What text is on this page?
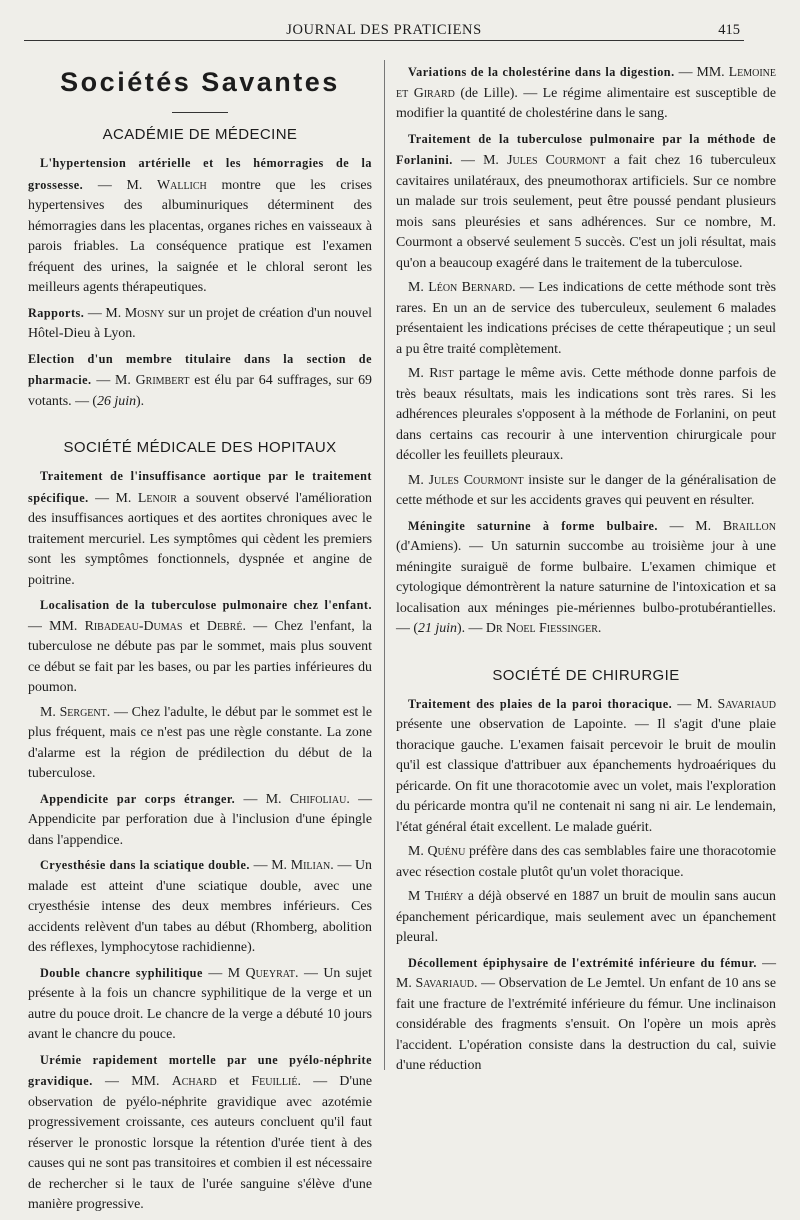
JOURNAL DES PRATICIENS	415
Sociétés Savantes
ACADÉMIE DE MÉDECINE

L'hypertension artérielle et les hémorragies de la grossesse. — M. Wallich montre que les crises hypertensives des albuminuriques déterminent des hémorragies dans les placentas, organes riches en vaisseaux à parois friables. La conséquence pratique est l'examen fréquent des urines, la saignée et le chloral seront les meilleurs agents thérapeutiques.

Rapports. — M. Mosny sur un projet de création d'un nouvel Hôtel-Dieu à Lyon.

Election d'un membre titulaire dans la section de pharmacie. — M. Grimbert est élu par 64 suffrages, sur 69 votants. — (26 juin).

SOCIÉTÉ MÉDICALE DES HOPITAUX

Traitement de l'insuffisance aortique par le traitement spécifique. — M. Lenoir a souvent observé l'amélioration des insuffisances aortiques et des aortites chroniques avec le traitement mercuriel. Les symptômes qui cèdent les premiers sont les symptômes fonctionnels, dyspnée et angine de poitrine.

Localisation de la tuberculose pulmonaire chez l'enfant. — MM. Ribadeau-Dumas et Debré. — Chez l'enfant, la tuberculose ne débute pas par le sommet, mais plus souvent ce début se fait par les bases, ou par les parties inférieures du poumon.

M. Sergent. — Chez l'adulte, le début par le sommet est le plus fréquent, mais ce n'est pas une règle constante. La zone d'alarme est la région de prédilection du début de la tuberculose.

Appendicite par corps étranger. — M. Chifoliau. — Appendicite par perforation due à l'inclusion d'une épingle dans l'appendice.

Cryesthésie dans la sciatique double. — M. Milian. — Un malade est atteint d'une sciatique double, avec une cryesthésie intense des deux membres inférieurs. Ces accidents relèvent d'un tabes au début (Rhomberg, abolition des réflexes, lymphocytose rachidienne).

Double chancre syphilitique — M Queyrat. — Un sujet présente à la fois un chancre syphilitique de la verge et un autre du pouce droit. Le chancre de la verge a débuté 10 jours avant le chancre du pouce.

Urémie rapidement mortelle par une pyélo-néphrite gravidique. — MM. Achard et Feuillié. — D'une observation de pyélo-néphrite gravidique avec azotémie progressivement croissante, ces auteurs concluent qu'il faut réserver le pronostic lorsque la rétention d'urée tient à des causes qui ne sont pas transitoires et combien il est nécessaire de rechercher si le taux de l'urée sanguine s'élève d'une manière progressive.

Variations de la cholestérine dans la digestion. — MM. Lemoine et Girard (de Lille). — Le régime alimentaire est susceptible de modifier la quantité de cholestérine dans le sang.

Traitement de la tuberculose pulmonaire par la méthode de Forlanini. — M. Jules Courmont a fait chez 16 tuberculeux cavitaires unilatéraux, des pneumothorax artificiels. Sur ce nombre un malade sur trois seulement, peut être poussé pendant plusieurs mois sans pleurésies et sans adhérences. Sur ce nombre, M. Courmont a observé seulement 5 succès. C'est un joli résultat, mais qu'on a beaucoup exagéré dans le traitement de la tuberculose.

M. Léon Bernard. — Les indications de cette méthode sont très rares. En un an de service des tuberculeux, seulement 6 malades présentaient les indications précises de cette thérapeutique ; un seul a pu être traité complètement.

M. Rist partage le même avis. Cette méthode donne parfois de très beaux résultats, mais les indications sont très rares. Si les adhérences pleurales s'opposent à la méthode de Forlanini, on peut dans certains cas recourir à une intervention chirurgicale pour décoller les feuillets pleuraux.

M. Jules Courmont insiste sur le danger de la généralisation de cette méthode et sur les accidents graves qui peuvent en résulter.

Méningite saturnine à forme bulbaire. — M. Braillon (d'Amiens). — Un saturnin succombe au troisième jour à une méningite suraiguë de forme bulbaire. L'examen chimique et cytologique démontrèrent la nature saturnine de l'intoxication et sa localisation aux méninges pie-mériennes bulbo-protubérantielles. — (21 juin). — Dr Noel Fiessinger.

SOCIÉTÉ DE CHIRURGIE

Traitement des plaies de la paroi thoracique. — M. Savariaud présente une observation de Lapointe. — Il s'agit d'une plaie thoracique gauche. L'examen faisait percevoir le bruit de moulin qu'il est classique d'attribuer aux épanchements hydroaériques du péricarde. On fit une thoracotomie avec un volet, mais l'exploration du péricarde montra qu'il ne contenait ni sang ni air. Le lendemain, l'état général était excellent. Le malade guérit.

M. Quénu préfère dans des cas semblables faire une thoracotomie avec résection costale plutôt qu'un volet thoracique.

M Thiéry a déjà observé en 1887 un bruit de moulin sans aucun épanchement péricardique, mais seulement avec un épanchement pleural.

Décollement épiphysaire de l'extrémité inférieure du fémur. — M. Savariaud. — Observation de Le Jemtel. Un enfant de 10 ans se fait une fracture de l'extrémité inférieure du fémur. Une inclinaison considérable des fragments s'ensuit. On l'opère un mois après l'accident. L'opération consiste dans la destruction du cal, suivie d'une réduction
